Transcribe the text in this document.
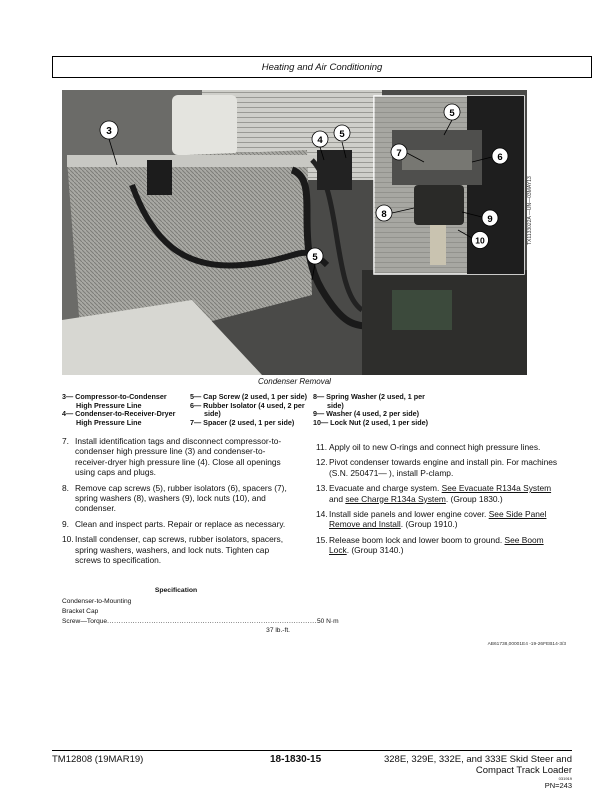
Heating and Air Conditioning
3
4
5
5
5
7	6
8	9
10	TX1133022A —UN—03MAY13
Condenser Removal
3— Compressor-to-Condenser
High Pressure Line
4— Condenser-to-Receiver-Dryer
High Pressure Line
5— Cap Screw (2 used, 1 per side)
6— Rubber Isolator (4 used, 2 per
side)
7— Spacer (2 used, 1 per side)
8— Spring Washer (2 used, 1 per
side)
9— Washer (4 used, 2 per side)
10— Lock Nut (2 used, 1 per side)
7. Install identification tags and disconnect compressor-to-condenser high pressure line (3) and condenser-to-receiver-dryer high pressure line (4). Close all openings using caps and plugs.
8. Remove cap screws (5), rubber isolators (6), spacers (7), spring washers (8), washers (9), lock nuts (10), and condenser.
9. Clean and inspect parts. Repair or replace as necessary.
10. Install condenser, cap screws, rubber isolators, spacers, spring washers, washers, and lock nuts. Tighten cap screws to specification.
Specification
Condenser-to-Mounting
Bracket Cap
Screw—Torque .......................................................................................... 50 N·m
37 lb.-ft.
11. Apply oil to new O-rings and connect high pressure lines.
12. Pivot condenser towards engine and install pin. For machines (S.N. 250471— ), install P-clamp.
13. Evacuate and charge system. See Evacuate R134a System and see Charge R134a System. (Group 1830.)
14. Install side panels and lower engine cover. See Side Panel Remove and Install. (Group 1910.)
15. Release boom lock and lower boom to ground. See Boom Lock. (Group 3140.)
AB61738,00001E4 -19-26FEB14-3/3
TM12808 (19MAR19)	18-1830-15	328E, 329E, 332E, and 333E Skid Steer and
Compact Track Loader
031919
PN=243
